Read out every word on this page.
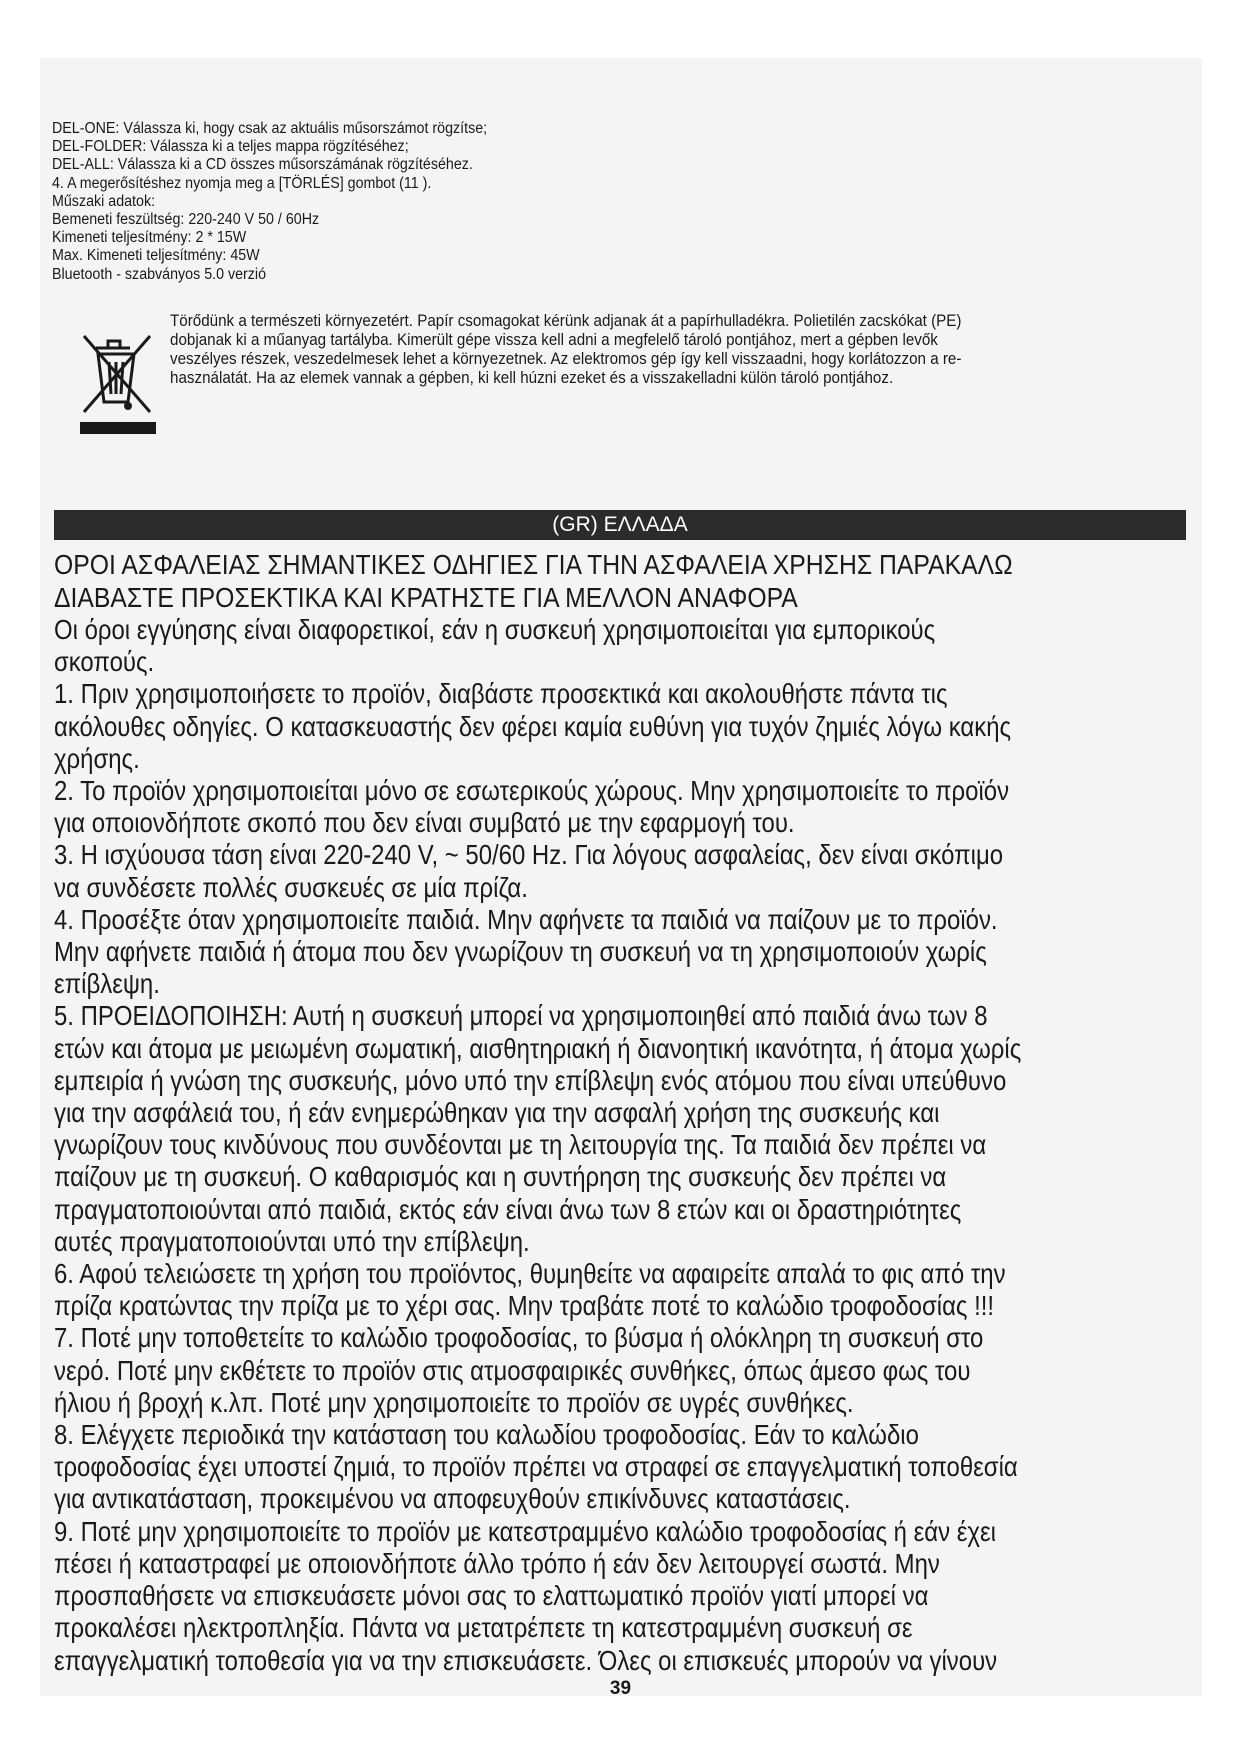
DEL-ONE: Válassza ki, hogy csak az aktuális műsorszámot rögzítse;
DEL-FOLDER: Válassza ki a teljes mappa rögzítéséhez;
DEL-ALL: Válassza ki a CD összes műsorszámának rögzítéséhez.
4. A megerősítéshez nyomja meg a [TÖRLÉS] gombot (11 ).
Műszaki adatok:
Bemeneti feszültség: 220-240 V 50 / 60Hz
Kimeneti teljesítmény: 2 * 15W
Max. Kimeneti teljesítmény: 45W
Bluetooth - szabványos 5.0 verzió
Törődünk a természeti környezetért. Papír csomagokat kérünk adjanak át a papírhulladékra. Polietilén zacskókat (PE)
dobjanak ki a műanyag tartályba. Kimerült gépe vissza kell adni a megfelelő tároló pontjához, mert a gépben levők
veszélyes részek, veszedelmesek lehet a környezetnek. Az elektromos gép így kell visszaadni, hogy korlátozzon a re-
használatát. Ha az elemek vannak a gépben, ki kell húzni ezeket és a visszakelladni külön tároló pontjához.
(GR) ΕΛΛΑΔΑ
ΟΡΟΙ ΑΣΦΑΛΕΙΑΣ ΣΗΜΑΝΤΙΚΕΣ ΟΔΗΓΙΕΣ ΓΙΑ ΤΗΝ ΑΣΦΑΛΕΙΑ ΧΡΗΣΗΣ ΠΑΡΑΚΑΛΩ
ΔΙΑΒΑΣΤΕ ΠΡΟΣΕΚΤΙΚΑ ΚΑΙ ΚΡΑΤΗΣΤΕ ΓΙΑ ΜΕΛΛΟΝ ΑΝΑΦΟΡΑ
Οι όροι εγγύησης είναι διαφορετικοί, εάν η συσκευή χρησιμοποιείται για εμπορικούς
σκοπούς.
1. Πριν χρησιμοποιήσετε το προϊόν, διαβάστε προσεκτικά και ακολουθήστε πάντα τις
ακόλουθες οδηγίες. Ο κατασκευαστής δεν φέρει καμία ευθύνη για τυχόν ζημιές λόγω κακής
χρήσης.
2. Το προϊόν χρησιμοποιείται μόνο σε εσωτερικούς χώρους. Μην χρησιμοποιείτε το προϊόν
για οποιονδήποτε σκοπό που δεν είναι συμβατό με την εφαρμογή του.
3. Η ισχύουσα τάση είναι 220-240 V, ~ 50/60 Hz. Για λόγους ασφαλείας, δεν είναι σκόπιμο
να συνδέσετε πολλές συσκευές σε μία πρίζα.
4. Προσέξτε όταν χρησιμοποιείτε παιδιά. Μην αφήνετε τα παιδιά να παίζουν με το προϊόν.
Μην αφήνετε παιδιά ή άτομα που δεν γνωρίζουν τη συσκευή να τη χρησιμοποιούν χωρίς
επίβλεψη.
5. ΠΡΟΕΙΔΟΠΟΙΗΣΗ: Αυτή η συσκευή μπορεί να χρησιμοποιηθεί από παιδιά άνω των 8
ετών και άτομα με μειωμένη σωματική, αισθητηριακή ή διανοητική ικανότητα, ή άτομα χωρίς
εμπειρία ή γνώση της συσκευής, μόνο υπό την επίβλεψη ενός ατόμου που είναι υπεύθυνο
για την ασφάλειά του, ή εάν ενημερώθηκαν για την ασφαλή χρήση της συσκευής και
γνωρίζουν τους κινδύνους που συνδέονται με τη λειτουργία της. Τα παιδιά δεν πρέπει να
παίζουν με τη συσκευή. Ο καθαρισμός και η συντήρηση της συσκευής δεν πρέπει να
πραγματοποιούνται από παιδιά, εκτός εάν είναι άνω των 8 ετών και οι δραστηριότητες
αυτές πραγματοποιούνται υπό την επίβλεψη.
6. Αφού τελειώσετε τη χρήση του προϊόντος, θυμηθείτε να αφαιρείτε απαλά το φις από την
πρίζα κρατώντας την πρίζα με το χέρι σας. Μην τραβάτε ποτέ το καλώδιο τροφοδοσίας !!!
7. Ποτέ μην τοποθετείτε το καλώδιο τροφοδοσίας, το βύσμα ή ολόκληρη τη συσκευή στο
νερό. Ποτέ μην εκθέτετε το προϊόν στις ατμοσφαιρικές συνθήκες, όπως άμεσο φως του
ήλιου ή βροχή κ.λπ. Ποτέ μην χρησιμοποιείτε το προϊόν σε υγρές συνθήκες.
8. Ελέγχετε περιοδικά την κατάσταση του καλωδίου τροφοδοσίας. Εάν το καλώδιο
τροφοδοσίας έχει υποστεί ζημιά, το προϊόν πρέπει να στραφεί σε επαγγελματική τοποθεσία
για αντικατάσταση, προκειμένου να αποφευχθούν επικίνδυνες καταστάσεις.
9. Ποτέ μην χρησιμοποιείτε το προϊόν με κατεστραμμένο καλώδιο τροφοδοσίας ή εάν έχει
πέσει ή καταστραφεί με οποιονδήποτε άλλο τρόπο ή εάν δεν λειτουργεί σωστά. Μην
προσπαθήσετε να επισκευάσετε μόνοι σας το ελαττωματικό προϊόν γιατί μπορεί να
προκαλέσει ηλεκτροπληξία. Πάντα να μετατρέπετε τη κατεστραμμένη συσκευή σε
επαγγελματική τοποθεσία για να την επισκευάσετε. Όλες οι επισκευές μπορούν να γίνουν
39
